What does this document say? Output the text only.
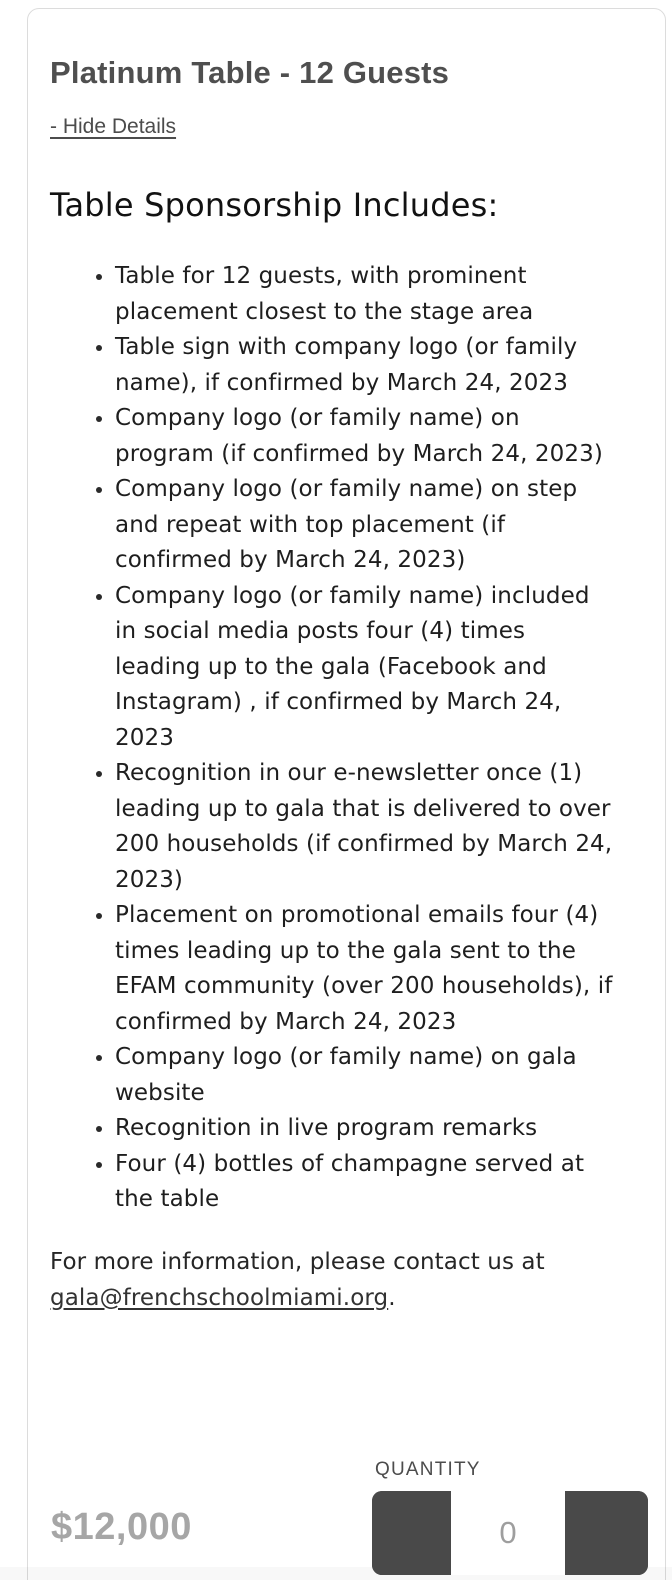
Platinum Table - 12 Guests
- Hide Details
Table Sponsorship Includes:
Table for 12 guests, with prominent placement closest to the stage area
Table sign with company logo (or family name), if confirmed by March 24, 2023
Company logo (or family name) on program (if confirmed by March 24, 2023)
Company logo (or family name) on step and repeat with top placement (if confirmed by March 24, 2023)
Company logo (or family name) included in social media posts four (4) times leading up to the gala (Facebook and Instagram) , if confirmed by March 24, 2023
Recognition in our e-newsletter once (1) leading up to gala that is delivered to over 200 households (if confirmed by March 24, 2023)
Placement on promotional emails four (4) times leading up to the gala sent to the EFAM community (over 200 households), if confirmed by March 24, 2023
Company logo (or family name) on gala website
Recognition in live program remarks
Four (4) bottles of champagne served at the table

For more information, please contact us at gala@frenchschoolmiami.org.

$12,000
QUANTITY
0
